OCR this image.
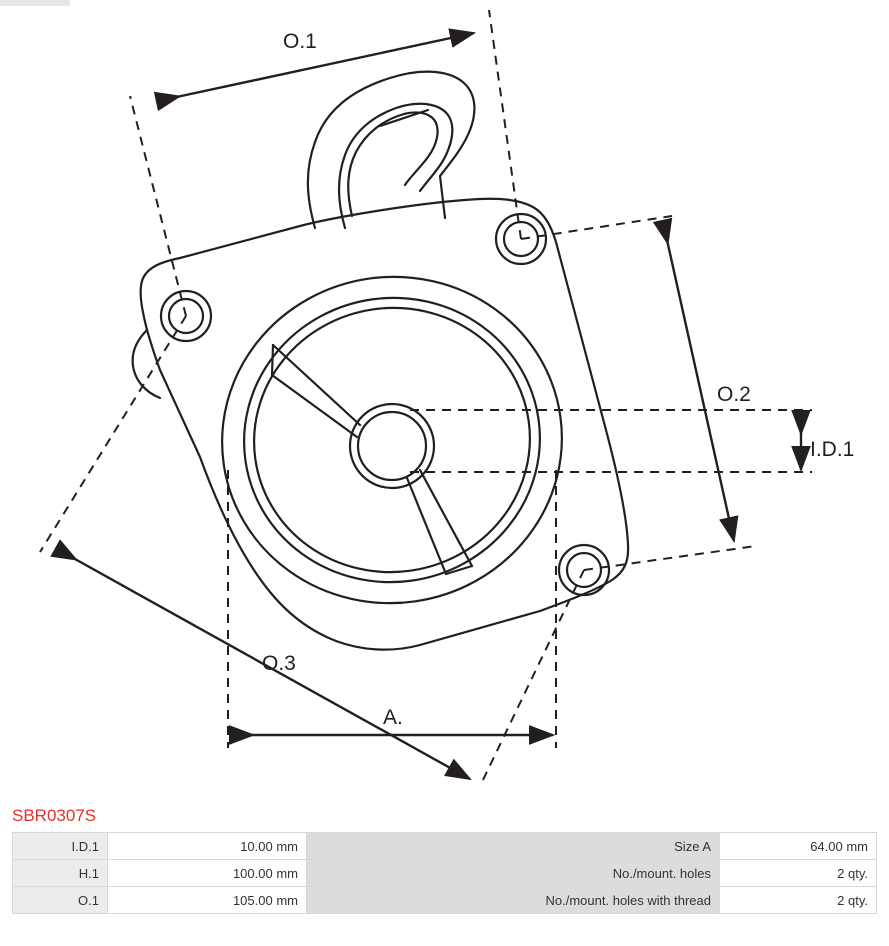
O.1
O.2
O.3
I.D.1
A.
SBR0307S
I.D.1	10.00 mm	Size A	64.00 mm
H.1	100.00 mm	No./mount. holes	2 qty.
O.1	105.00 mm	No./mount. holes with thread	2 qty.
